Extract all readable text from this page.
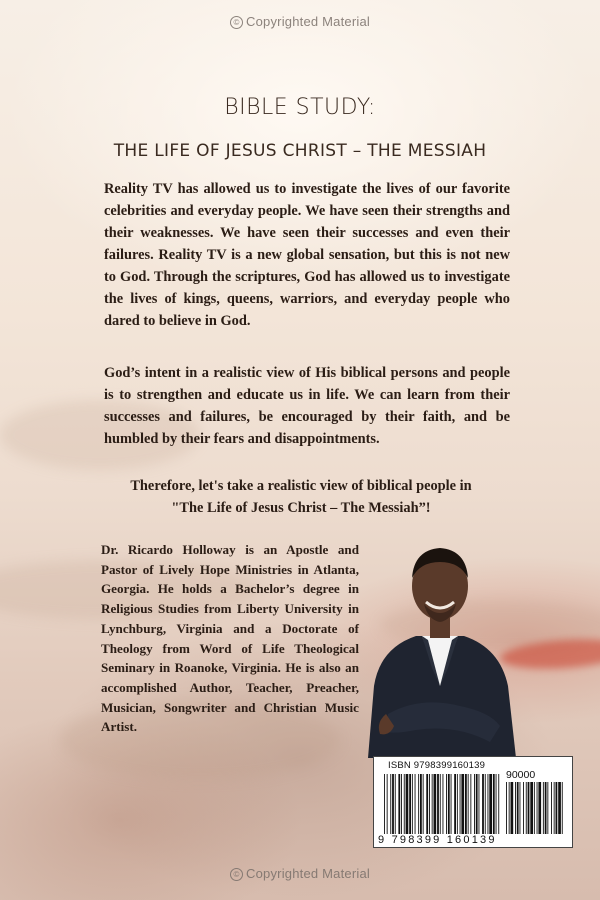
© Copyrighted Material
BIBLE STUDY:
THE LIFE OF JESUS CHRIST – THE MESSIAH
Reality TV has allowed us to investigate the lives of our favorite celebrities and everyday people. We have seen their strengths and their weaknesses. We have seen their successes and even their failures. Reality TV is a new global sensation, but this is not new to God. Through the scriptures, God has allowed us to investigate the lives of kings, queens, warriors, and everyday people who dared to believe in God.
God’s intent in a realistic view of His biblical persons and people is to strengthen and educate us in life. We can learn from their successes and failures, be encouraged by their faith, and be humbled by their fears and disappointments.
Therefore, let's take a realistic view of biblical people in
"The Life of Jesus Christ – The Messiah”!
Dr. Ricardo Holloway is an Apostle and Pastor of Lively Hope Ministries in Atlanta, Georgia. He holds a Bachelor’s degree in Religious Studies from Liberty University in Lynchburg, Virginia and a Doctorate of Theology from Word of Life Theological Seminary in Roanoke, Virginia. He is also an accomplished Author, Teacher, Preacher, Musician, Songwriter and Christian Music Artist.
ISBN 9798399160139
90000
9 798399 160139
© Copyrighted Material
